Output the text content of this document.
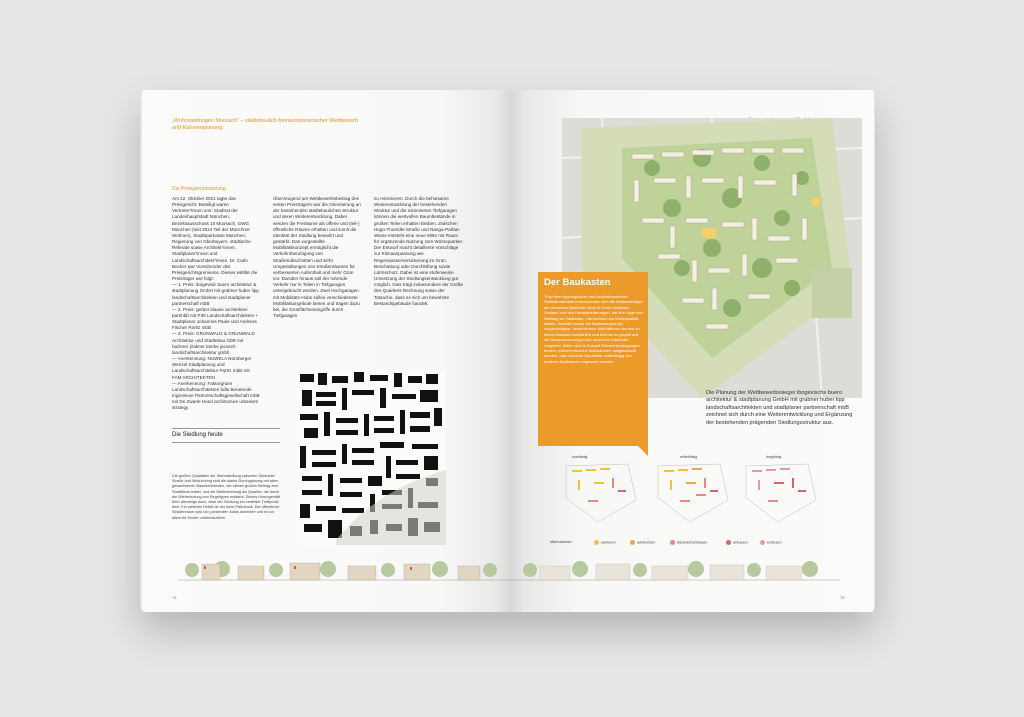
„Wohnsiedlungen Moosach“ – städtebaulich-freiraumplanerischer Wettbewerb und Rahmenplanung

Die Preisgerichtssitzung

Am 22. Oktober 2021 tagte das Preisgericht. Beteiligt waren Vertreter*innen von: Stadtrat der Landeshauptstadt München, Bezirksausschuss 10 Moosach, GWG München (seit 2024 Teil der Münchner Wohnen), Stadtsparkasse München, Regierung von Oberbayern, städtische Referate sowie Architekt*innen, Stadtplaner*innen und Landschaftsarchitekt*innen. Dr. Carlo Becker war Vorsitzender des Preisgerichtsgremiums. Dieses wählte die Preisträger wie folgt:
— 1. Preis: ibogevisic buero architektur & stadtplanung GmbH mit grabner huber lipp landschaftsarchitekten und stadtplaner partnerschaft mbB
— 2. Preis: gerber klause architekten partmbb mit P38 Landschaftsarchitekten + Stadtplaner Johannes Paule und Andreas Fischer PartG mbB
— 3. Preis: GRUNWALD & GRUNWALD Architektur und Städtebau GbR mit hackner jirakner tambe jacosch landschaftsarchitektur gmbh
— Anerkennung: NUWELA Nürnberger Wenzel Stadtplanung und Landschaftsarchitektur PartG mbB mit FAM ARCHITEKTEN
— Anerkennung: Faktorgruen Landschaftsarchitekten bdla Beratende Ingenieure Partnerschaftsgesellschaft mbB mit De Zwarte Hond architecture urbanism strategy

Überzeugend am Wettbewerbsbeitrag des ersten Preisträgers war die Orientierung an der bestehenden städtebaulichen Struktur und deren Weiterentwicklung. Dabei werden die Freiräume als offene und (teil-) öffentliche Räume erhalten und somit die Identität der Siedlung bewahrt und gestärkt. Das vorgestellte Mobilitätskonzept ermöglicht die Verkehrsberuhigung von Straßenabschnitten und sieht Umgestaltungen von Straßenräumen für verbesserten Aufenthalt und mehr Grün vor. Darüber hinaus soll der ruhende Verkehr nur in Teilen in Tiefgaragen untergebracht werden. Zwei Hochgaragen mit Mobilitäts-Hubs sollen verschiedenste Mobilitätsangebote bieten und tragen dazu bei, die Grünflächeneingriffe durch Tiefgaragen

zu minimieren. Durch die behutsame Weiterentwicklung der bestehenden Struktur und die minimierten Tiefgaragen können die wertvollen Baumbestände in großen Teilen erhalten bleiben. Zwischen Hugo-Troendle-Straße und Nanga-Parbat-Wiese entsteht eine neue Mitte mit Raum für ergänzende Nutzung zum Wohnquartier. Der Entwurf macht detaillierte Vorschläge zur Klimaanpassung wie Regenwasserversickerung im Grün, Beschattung oder Durchlüftung sowie Lärmschutz. Dabei ist eine stufenweise Umsetzung der Siedlungsentwicklung gut möglich. Dies trägt insbesondere der Größe des Quartiers Rechnung sowie der Tatsache, dass es sich um bewohnte Bestandsgebäude handelt.

Die Siedlung heute

Die großen Qualitäten der Wohnsiedlung zwischen Dachauer Straße und Wintrichring sind die starke Durchgrünung mit alten, gewachsenen Baumbeständen, der sieben großen Beitrag zum Stadtklima leistet, und die Wahrnehmung als Quartier, die durch die Wiederholung von Regeltypen entsteht. Dieses Homogenität führt allerdings dazu, dass der Siedlung ein zentraler Treffpunkt fehlt. Ein weiteres Defizit ist der hohe Parkdruck. Der öffentliche Straßenraum wird von parkenden Autos dominiert und ist vor allem für Kinder unübersichtlich.

74

Der Baukasten

Trotz ihrer typologischen und architektonischen Selbstähnlichkeit unterscheiden sich die Bestandsriegel der einzelnen Baufelder stark in ihrem baulichen Zustand und den Herausforderungen, die ihre Lage und Stellung an Stadtebau, Lärmschutz und Wohnqualität stellen. Deshalb wurde ein Baukastenprinzip vorgeschlagen. Verschiedene Maßnahmen werden so einem Baustein kombiniert und können so gezielt auf die Herausforderungen der einzelnen Baufelder reagieren. Wenn sich in Zukunft Rahmenbedingungen ändern, können einzelne Maßnahmen ausgetauscht werden, oder einzelne Bausteine unabhängig von anderen Baufeldern umgesetzt werden.

Die Planung der Wettbewerbssieger ibogevischs buero architektur & stadtplanung GmbH mit grabner huber lipp landschaftsarchitekten und stadtplaner partnerschaft mbB zeichnet sich durch eine Weiterentwicklung und Ergänzung der bestehenden prägenden Siedlungsstruktur aus.

kurzfristig	mittelfristig	langfristig

Maßnahmen:	sanieren	aufstocken	dazwischenbauen	anbauen	ersetzen

75
